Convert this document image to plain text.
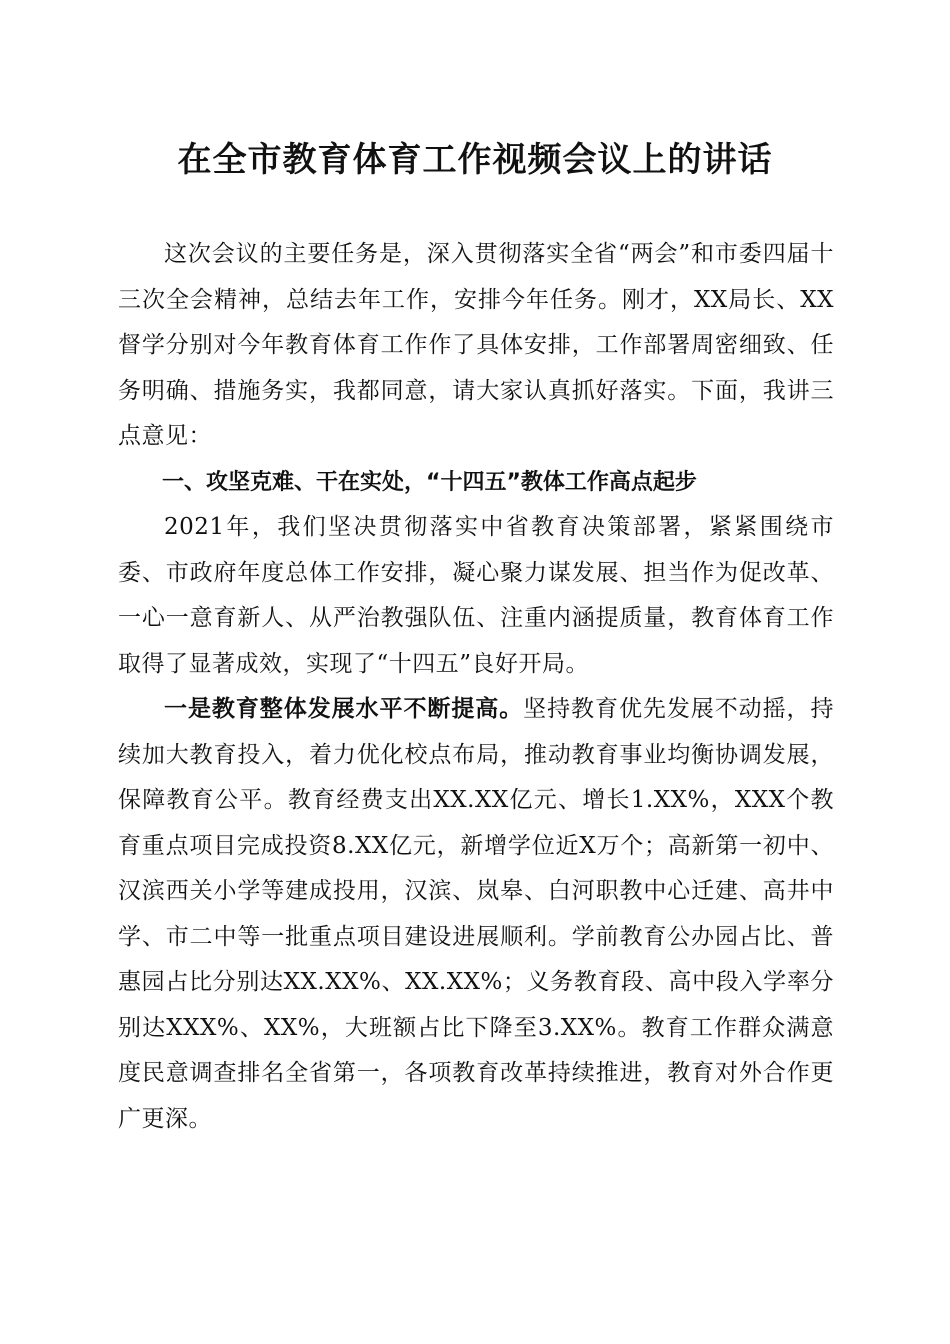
在全市教育体育工作视频会议上的讲话

这次会议的主要任务是，深入贯彻落实全省“两会”和市委四届十三次全会精神，总结去年工作，安排今年任务。刚才，XX局长、XX督学分别对今年教育体育工作作了具体安排，工作部署周密细致、任务明确、措施务实，我都同意，请大家认真抓好落实。下面，我讲三点意见：

一、攻坚克难、干在实处，“十四五”教体工作高点起步

2021年，我们坚决贯彻落实中省教育决策部署，紧紧围绕市委、市政府年度总体工作安排，凝心聚力谋发展、担当作为促改革、一心一意育新人、从严治教强队伍、注重内涵提质量，教育体育工作取得了显著成效，实现了“十四五”良好开局。

一是教育整体发展水平不断提高。坚持教育优先发展不动摇，持续加大教育投入，着力优化校点布局，推动教育事业均衡协调发展，保障教育公平。教育经费支出XX.XX亿元、增长1.XX%，XXX个教育重点项目完成投资8.XX亿元，新增学位近X万个；高新第一初中、汉滨西关小学等建成投用，汉滨、岚皋、白河职教中心迁建、高井中学、市二中等一批重点项目建设进展顺利。学前教育公办园占比、普惠园占比分别达XX.XX%、XX.XX%；义务教育段、高中段入学率分别达XXX%、XX%，大班额占比下降至3.XX%。教育工作群众满意度民意调查排名全省第一，各项教育改革持续推进，教育对外合作更广更深。
